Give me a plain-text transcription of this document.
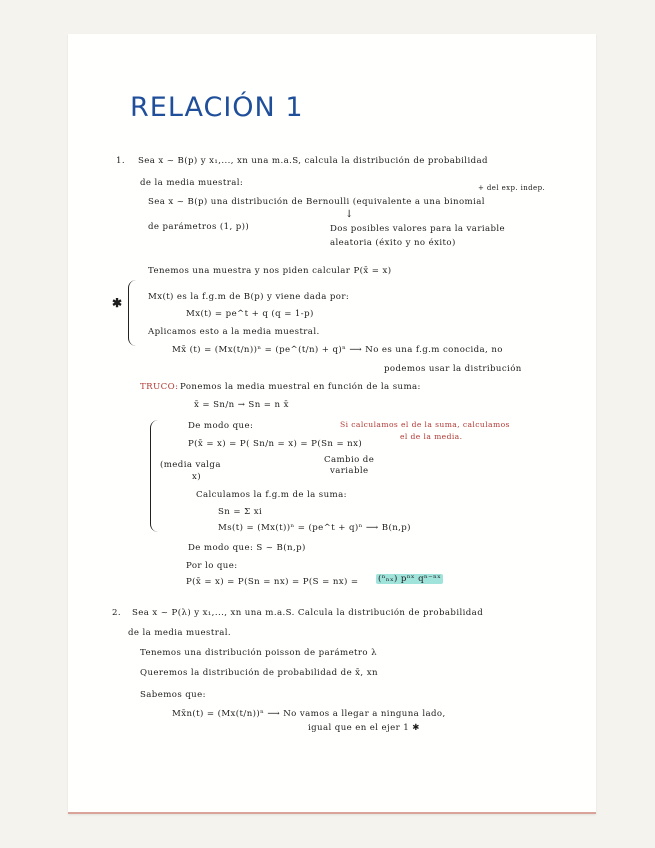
RELACIÓN 1
1. Sea x ~ B(p) y x₁,..., xn una m.a.S, calcula la distribución de probabilidad
de la media muestral:	+ del exp. indep.
Sea x ~ B(p) una distribución de Bernoulli (equivalente a una binomial
↓
de parámetros (1, p))	Dos posibles valores para la variable
aleatoria (éxito y no éxito)
Tenemos una muestra y nos piden calcular P(x̄ = x)
✱	Mx(t) es la f.g.m de B(p) y viene dada por:
Mx(t) = pe^t + q (q = 1-p)
Aplicamos esto a la media muestral.
Mx̄ (t) = (Mx(t/n))ⁿ = (pe^(t/n) + q)ⁿ ⟶ No es una f.g.m conocida, no
podemos usar la distribución
TRUCO: Ponemos la media muestral en función de la suma:
x̄ = Sn/n → Sn = n x̄
De modo que:	Si calculamos el de la suma, calculamos
el de la media.
P(x̄ = x) = P( Sn/n = x) = P(Sn = nx)
(media valga
x)
Cambio de
variable
Calculamos la f.g.m de la suma:
Sn = Σ xi
Ms(t) = (Mx(t))ⁿ = (pe^t + q)ⁿ ⟶ B(n,p)
De modo que: S ~ B(n,p)
Por lo que:
P(x̄ = x) = P(Sn = nx) = P(S = nx) = (ⁿₙₓ) pⁿˣ qⁿ⁻ⁿˣ
2. Sea x ~ P(λ) y x₁,..., xn una m.a.S. Calcula la distribución de probabilidad
de la media muestral.
Tenemos una distribución poisson de parámetro λ
Queremos la distribución de probabilidad de x̄, xn
Sabemos que:
Mx̄n(t) = (Mx(t/n))ⁿ ⟶ No vamos a llegar a ninguna lado,
igual que en el ejer 1 ✱
